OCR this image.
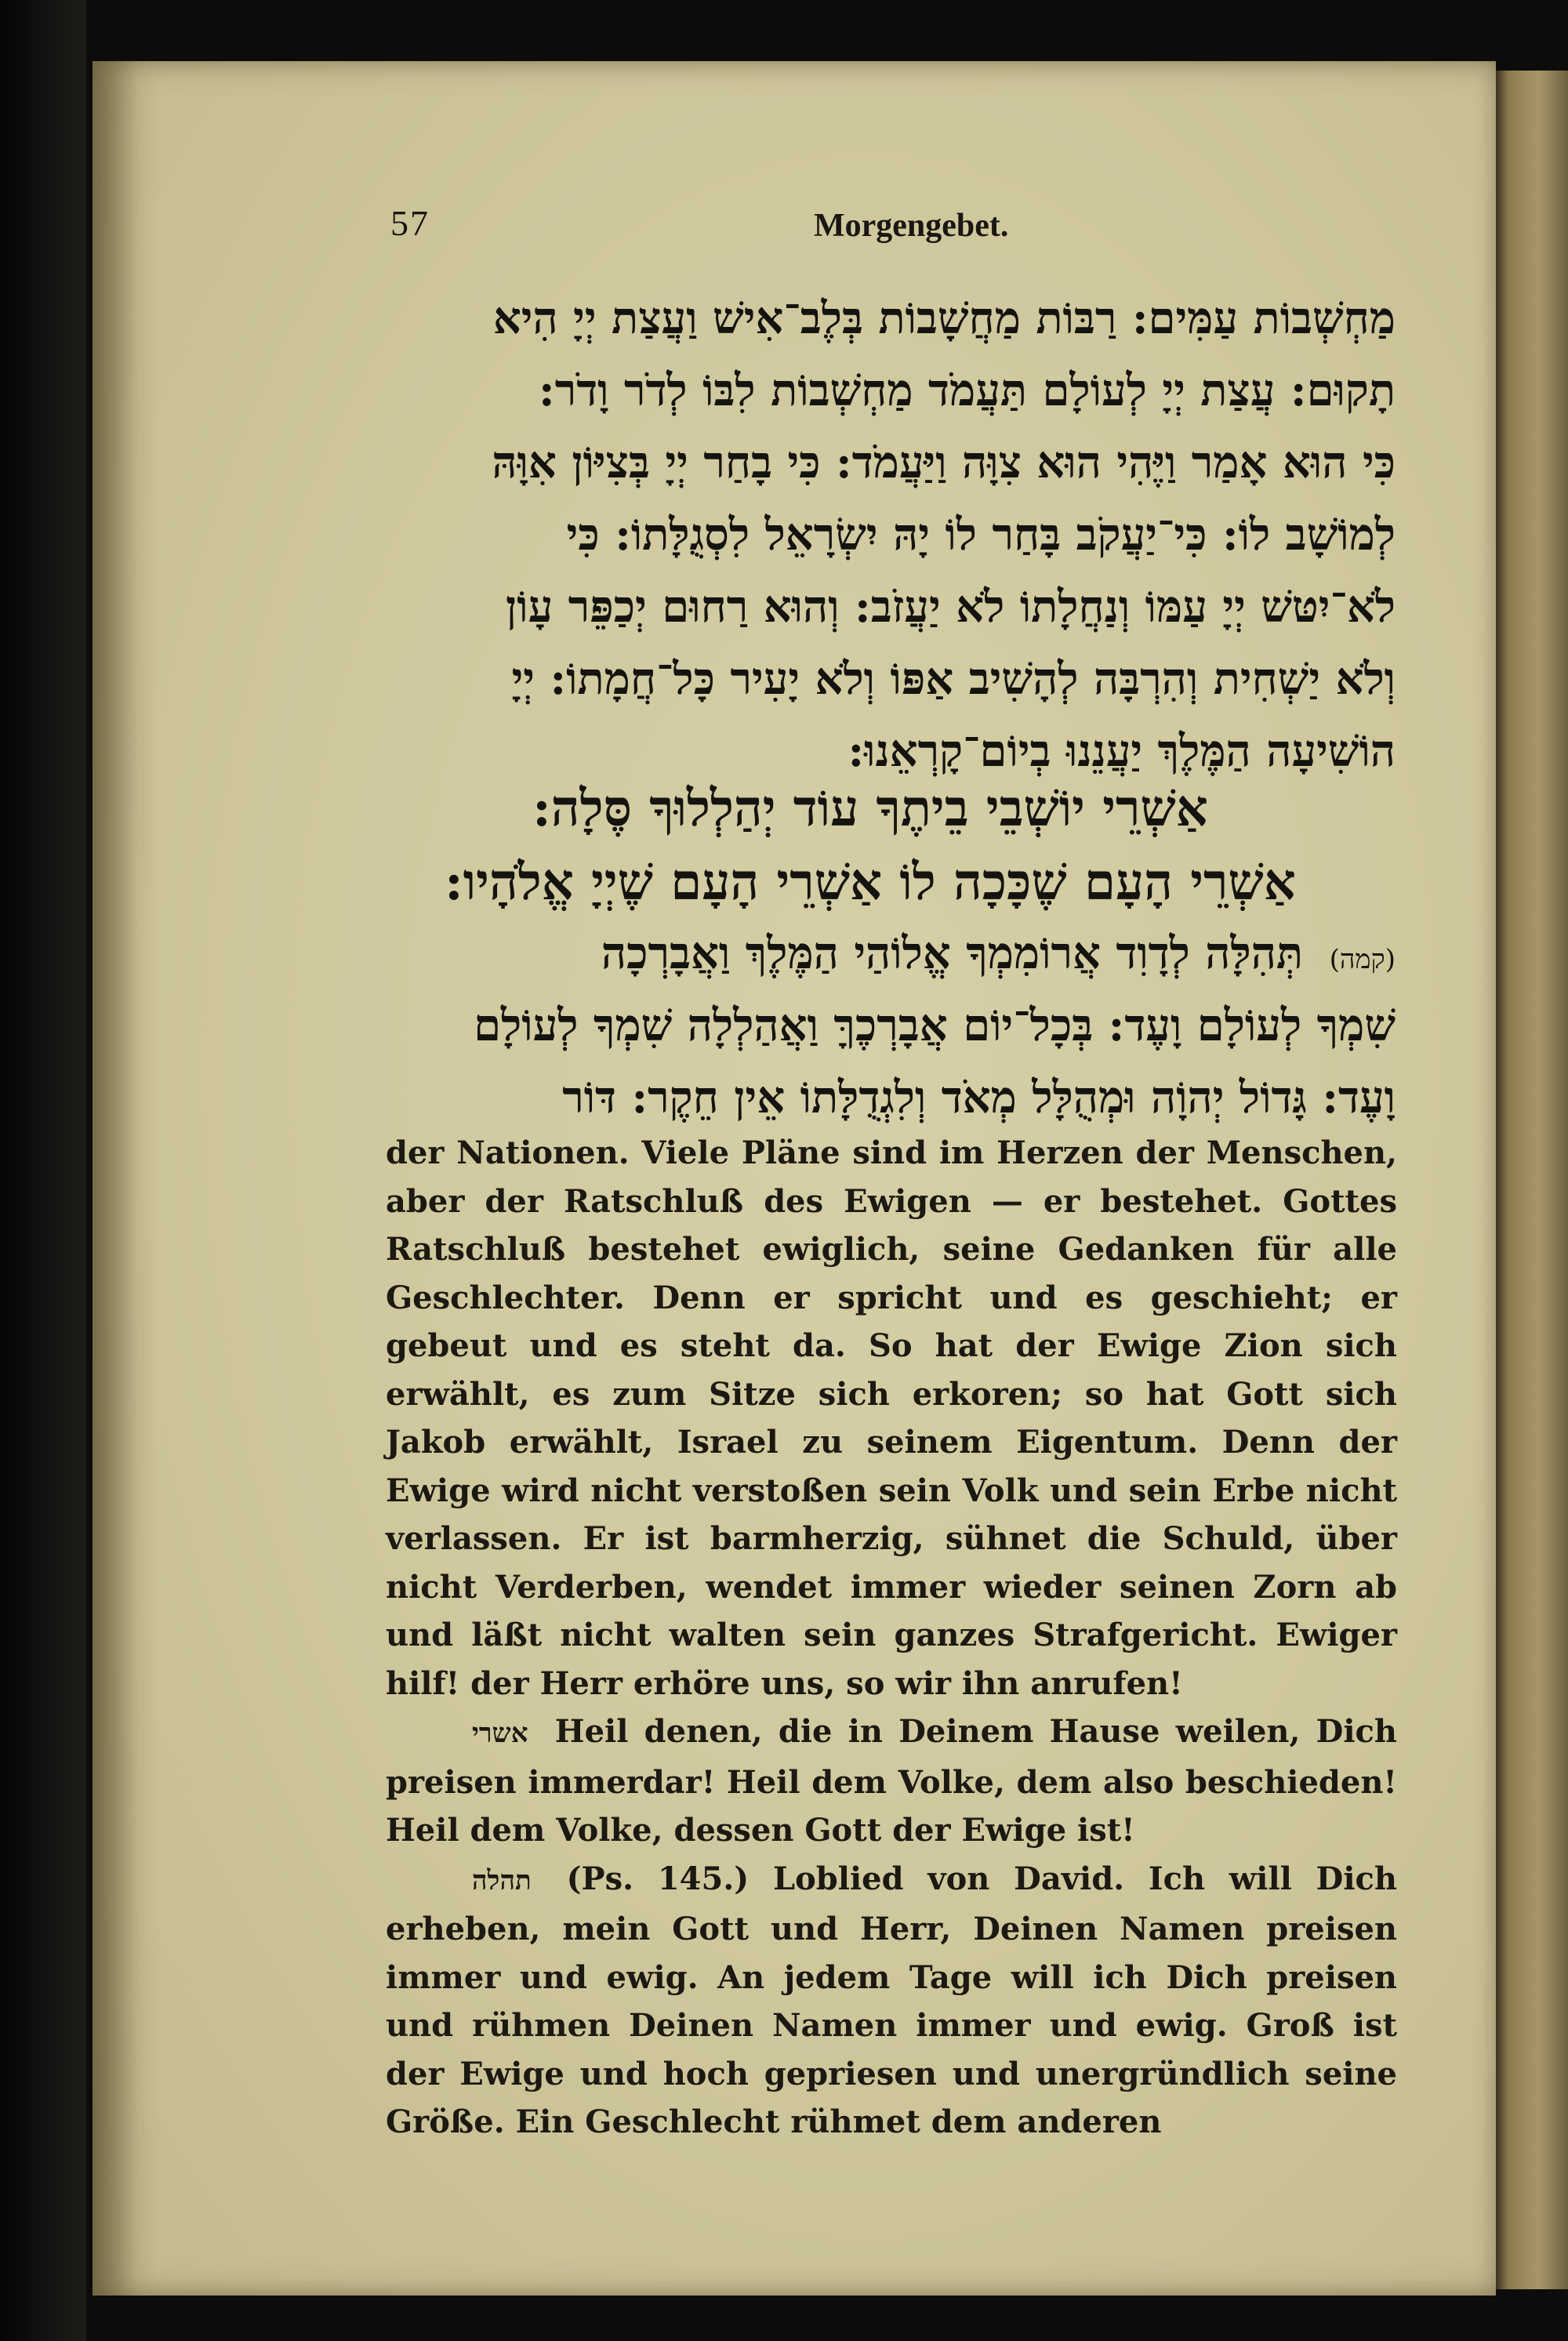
57	Morgengebet.
מַחְשְׁבוֹת עַמִּים: רַבּוֹת מַחֲשָׁבוֹת בְּלֶב־אִישׁ וַעֲצַת יְיָ הִיא
תָקוּם: עֲצַת יְיָ לְעוֹלָם תַּעֲמֹד מַחְשְׁבוֹת לִבּוֹ לְדֹר וָדֹר:
כִּי הוּא אָמַר וַיֶּהִי הוּא צִוָּה וַיַּעֲמֹד: כִּי בָחַר יְיָ בְּצִיּוֹן אִוָּהּ
לְמוֹשָׁב לוֹ: כִּי־יַעֲקֹב בָּחַר לוֹ יָהּ יִשְׂרָאֵל לִסְגֻלָּתוֹ: כִּי
לֹא־יִטּשׁ יְיָ עַמּוֹ וְנַחֲלָתוֹ לֹא יַעֲזֹב: וְהוּא רַחוּם יְכַפֵּר עָוֹן
וְלֹא יַשְׁחִית וְהִרְבָּה לְהָשִׁיב אַפּוֹ וְלֹא יָעִיר כָּל־חֲמָתוֹ: יְיָ
הוֹשִׁיעָה הַמֶּלֶךְ יַעֲנֵנוּ בְיוֹם־קָרְאֵנוּ:
אַשְׁרֵי יוֹשְׁבֵי בֵיתֶךָ עוֹד יְהַלְלוּךָ סֶּלָה:
אַשְׁרֵי הָעָם שֶׁכָּכָה לוֹ אַשְׁרֵי הָעָם שֶׁיְיָ אֱלֹהָיו:
(קמה) תְּהִלָּה לְדָוִד אֲרוֹמִמְךָ אֱלוֹהַי הַמֶּלֶךְ וַאֲבָרְכָה
שִׁמְךָ לְעוֹלָם וָעֶד: בְּכָל־יוֹם אֲבָרְכֶךָּ וַאֲהַלְלָה שִׁמְךָ לְעוֹלָם
וָעֶד: גָּדוֹל יְהוָֹה וּמְהֻלָּל מְאֹד וְלִגְדֻלָּתוֹ אֵין חֵקֶר: דּוֹר

der Nationen. Viele Pläne sind im Herzen der Menschen, aber der Ratschluß des Ewigen — er bestehet. Gottes Ratschluß bestehet ewiglich, seine Gedanken für alle Geschlechter. Denn er spricht und es geschieht; er gebeut und es steht da. So hat der Ewige Zion sich erwählt, es zum Sitze sich erkoren; so hat Gott sich Jakob erwählt, Israel zu seinem Eigentum. Denn der Ewige wird nicht verstoßen sein Volk und sein Erbe nicht verlassen. Er ist barmherzig, sühnet die Schuld, über nicht Verderben, wendet immer wieder seinen Zorn ab und läßt nicht walten sein ganzes Strafgericht. Ewiger hilf! der Herr erhöre uns, so wir ihn anrufen!

אשרי Heil denen, die in Deinem Hause weilen, Dich preisen immerdar! Heil dem Volke, dem also beschieden! Heil dem Volke, dessen Gott der Ewige ist!

תהלה (Ps. 145.) Loblied von David. Ich will Dich erheben, mein Gott und Herr, Deinen Namen preisen immer und ewig. An jedem Tage will ich Dich preisen und rühmen Deinen Namen immer und ewig. Groß ist der Ewige und hoch gepriesen und unergründlich seine Größe. Ein Geschlecht rühmet dem anderen
